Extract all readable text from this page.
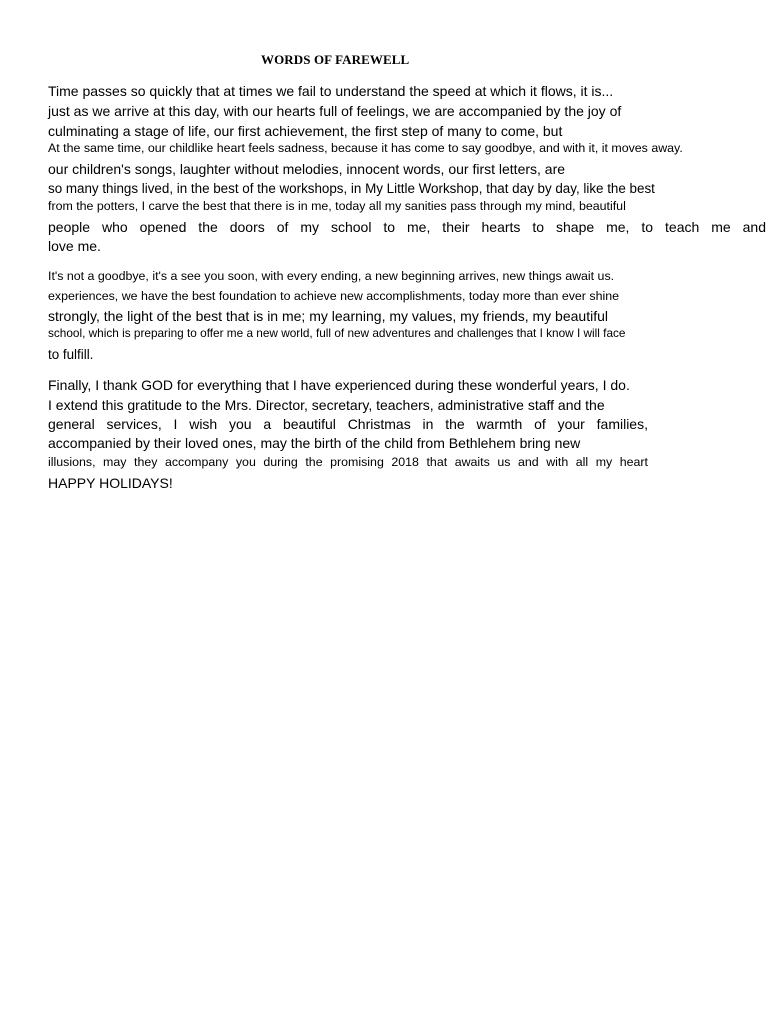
WORDS OF FAREWELL
Time passes so quickly that at times we fail to understand the speed at which it flows, it is...
just as we arrive at this day, with our hearts full of feelings, we are accompanied by the joy of
culminating a stage of life, our first achievement, the first step of many to come, but
At the same time, our childlike heart feels sadness, because it has come to say goodbye, and with it, it moves away.
our children's songs, laughter without melodies, innocent words, our first letters, are
so many things lived, in the best of the workshops, in My Little Workshop, that day by day, like the best
from the potters, I carve the best that there is in me, today all my sanities pass through my mind, beautiful
people who opened the doors of my school to me, their hearts to shape me, to teach me and
love me.
It's not a goodbye, it's a see you soon, with every ending, a new beginning arrives, new things await us.
experiences, we have the best foundation to achieve new accomplishments, today more than ever shine
strongly, the light of the best that is in me; my learning, my values, my friends, my beautiful
school, which is preparing to offer me a new world, full of new adventures and challenges that I know I will face
to fulfill.
Finally, I thank GOD for everything that I have experienced during these wonderful years, I do.
I extend this gratitude to the Mrs. Director, secretary, teachers, administrative staff and the
general services, I wish you a beautiful Christmas in the warmth of your families,
accompanied by their loved ones, may the birth of the child from Bethlehem bring new
illusions, may they accompany you during the promising 2018 that awaits us and with all my heart
HAPPY HOLIDAYS!
